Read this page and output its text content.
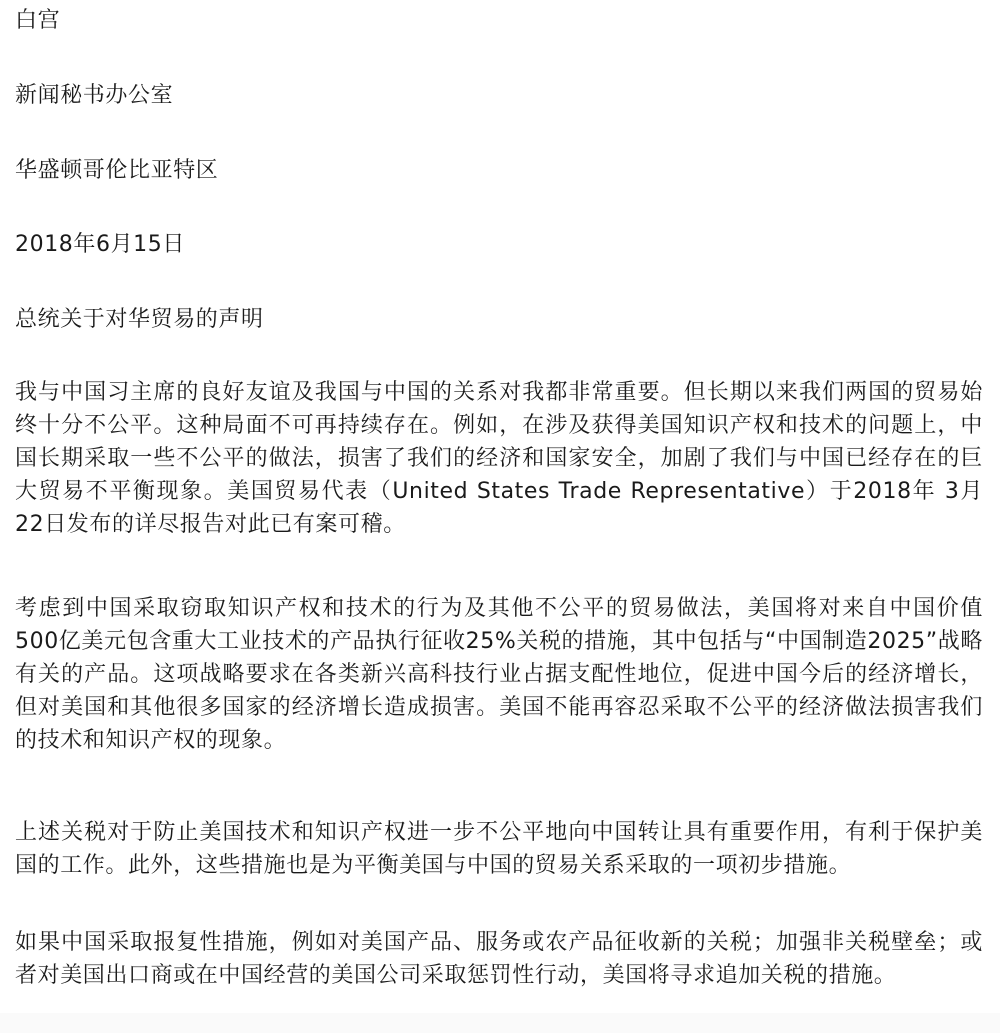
白宫
新闻秘书办公室
华盛顿哥伦比亚特区
2018年6月15日
总统关于对华贸易的声明
我与中国习主席的良好友谊及我国与中国的关系对我都非常重要。但长期以来我们两国的贸易始终十分不公平。这种局面不可再持续存在。例如，在涉及获得美国知识产权和技术的问题上，中国长期采取一些不公平的做法，损害了我们的经济和国家安全，加剧了我们与中国已经存在的巨大贸易不平衡现象。美国贸易代表（United States Trade Representative）于2018年 3月22日发布的详尽报告对此已有案可稽。
考虑到中国采取窃取知识产权和技术的行为及其他不公平的贸易做法，美国将对来自中国价值500亿美元包含重大工业技术的产品执行征收25%关税的措施，其中包括与“中国制造2025”战略有关的产品。这项战略要求在各类新兴高科技行业占据支配性地位，促进中国今后的经济增长，但对美国和其他很多国家的经济增长造成损害。美国不能再容忍采取不公平的经济做法损害我们的技术和知识产权的现象。
上述关税对于防止美国技术和知识产权进一步不公平地向中国转让具有重要作用，有利于保护美国的工作。此外，这些措施也是为平衡美国与中国的贸易关系采取的一项初步措施。
如果中国采取报复性措施，例如对美国产品、服务或农产品征收新的关税；加强非关税壁垒；或者对美国出口商或在中国经营的美国公司采取惩罚性行动，美国将寻求追加关税的措施。
